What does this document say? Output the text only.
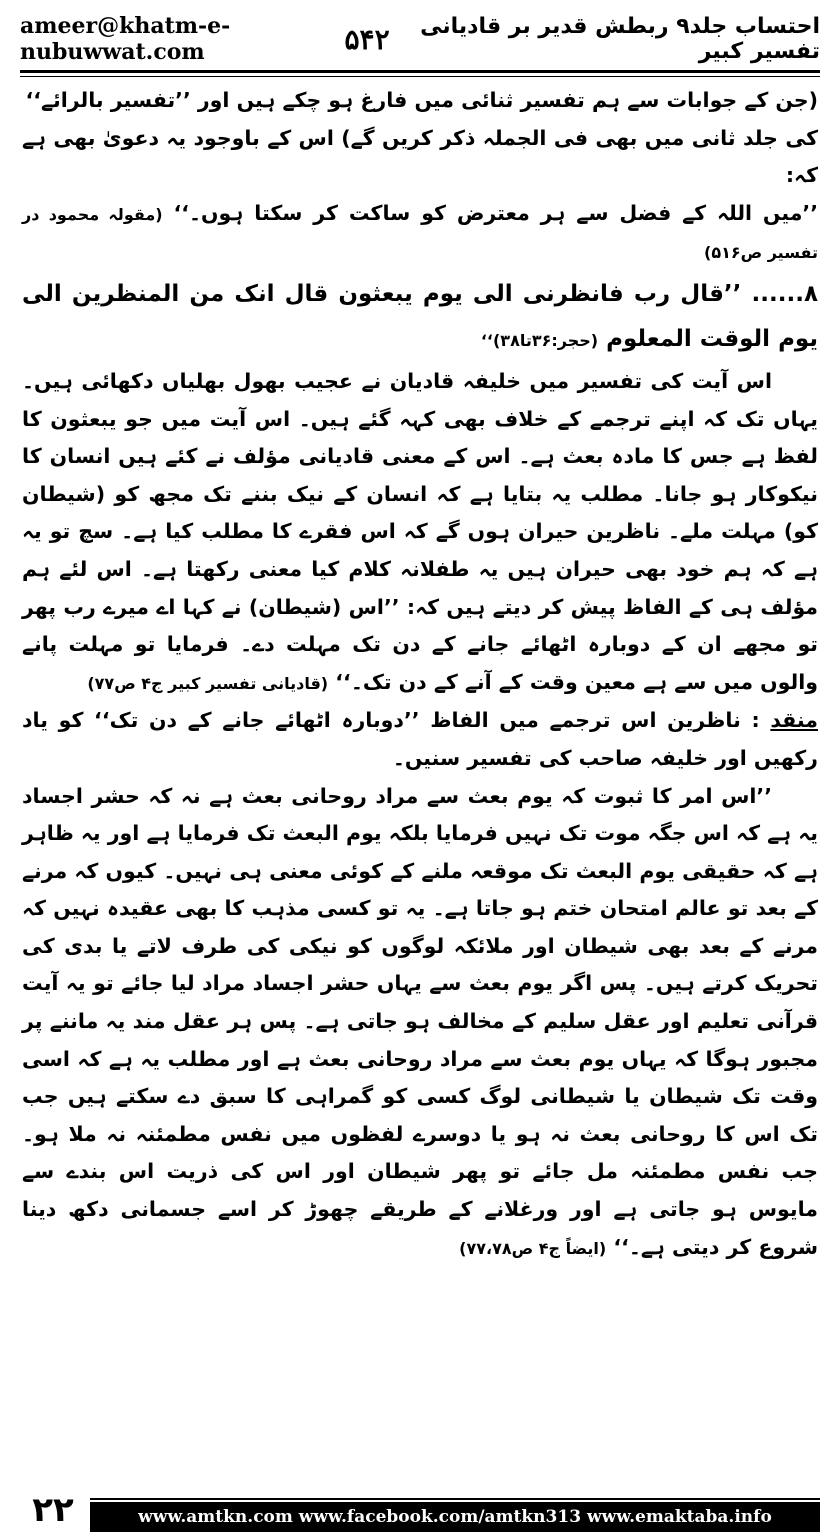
ameer@khatm-e-nubuwwat.com	۵۴۲	احتساب جلد۹ ربطش قدیر بر قادیانی تفسیر کبیر

(جن کے جوابات سے ہم تفسیر ثنائی میں فارغ ہو چکے ہیں اور ’’تفسیر بالرائے‘‘

کی جلد ثانی میں بھی فی الجملہ ذکر کریں گے) اس کے باوجود یہ دعویٰ بھی ہے کہ:

’’میں اللہ کے فضل سے ہر معترض کو ساکت کر سکتا ہوں۔‘‘ (مقولہ محمود در تفسیر ص۵۱۶)

۸...... ’’قال رب فانظرنی الی یوم یبعثون قال انک من المنظرین الی یوم الوقت المعلوم (حجر:۳۶تا۳۸)‘‘

اس آیت کی تفسیر میں خلیفہ قادیان نے عجیب بھول بھلیاں دکھائی ہیں۔ یہاں تک کہ اپنے ترجمے کے خلاف بھی کہہ گئے ہیں۔ اس آیت میں جو یبعثون کا لفظ ہے جس کا مادہ بعث ہے۔ اس کے معنی قادیانی مؤلف نے کئے ہیں انسان کا نیکوکار ہو جانا۔ مطلب یہ بتایا ہے کہ انسان کے نیک بننے تک مجھ کو (شیطان کو) مہلت ملے۔ ناظرین حیران ہوں گے کہ اس فقرے کا مطلب کیا ہے۔ سچ تو یہ ہے کہ ہم خود بھی حیران ہیں یہ طفلانہ کلام کیا معنی رکھتا ہے۔ اس لئے ہم مؤلف ہی کے الفاظ پیش کر دیتے ہیں کہ: ’’اس (شیطان) نے کہا اے میرے رب پھر تو مجھے ان کے دوبارہ اٹھائے جانے کے دن تک مہلت دے۔ فرمایا تو مہلت پانے والوں میں سے ہے معین وقت کے آنے کے دن تک۔‘‘ (قادیانی تفسیر کبیر ج۴ ص۷۷)

منقد : ناظرین اس ترجمے میں الفاظ ’’دوبارہ اٹھائے جانے کے دن تک‘‘ کو یاد رکھیں اور خلیفہ صاحب کی تفسیر سنیں۔

’’اس امر کا ثبوت کہ یوم بعث سے مراد روحانی بعث ہے نہ کہ حشر اجساد یہ ہے کہ اس جگہ موت تک نہیں فرمایا بلکہ یوم البعث تک فرمایا ہے اور یہ ظاہر ہے کہ حقیقی یوم البعث تک موقعہ ملنے کے کوئی معنی ہی نہیں۔ کیوں کہ مرنے کے بعد تو عالم امتحان ختم ہو جاتا ہے۔ یہ تو کسی مذہب کا بھی عقیدہ نہیں کہ مرنے کے بعد بھی شیطان اور ملائکہ لوگوں کو نیکی کی طرف لاتے یا بدی کی تحریک کرتے ہیں۔ پس اگر یوم بعث سے یہاں حشر اجساد مراد لیا جائے تو یہ آیت قرآنی تعلیم اور عقل سلیم کے مخالف ہو جاتی ہے۔ پس ہر عقل مند یہ ماننے پر مجبور ہوگا کہ یہاں یوم بعث سے مراد روحانی بعث ہے اور مطلب یہ ہے کہ اسی وقت تک شیطان یا شیطانی لوگ کسی کو گمراہی کا سبق دے سکتے ہیں جب تک اس کا روحانی بعث نہ ہو یا دوسرے لفظوں میں نفس مطمئنہ نہ ملا ہو۔ جب نفس مطمئنہ مل جائے تو پھر شیطان اور اس کی ذریت اس بندے سے مایوس ہو جاتی ہے اور ورغلانے کے طریقے چھوڑ کر اسے جسمانی دکھ دینا شروع کر دیتی ہے۔‘‘ (ایضاً ج۴ ص۷۷،۷۸)

۲۲	www.amtkn.com www.facebook.com/amtkn313 www.emaktaba.info
